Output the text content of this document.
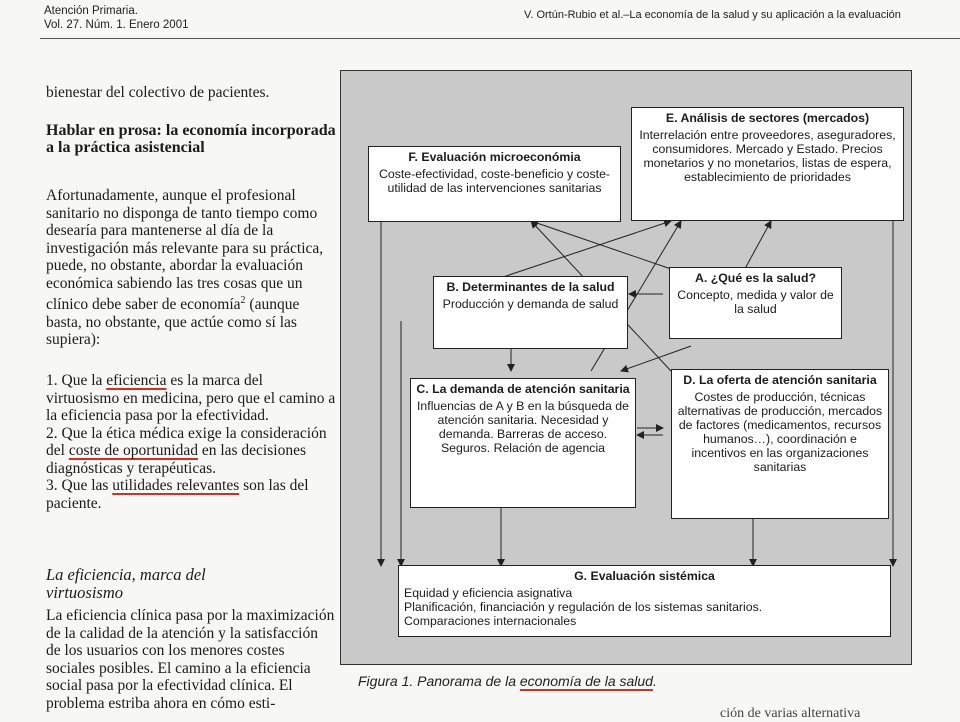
Atención Primaria.
Vol. 27. Núm. 1. Enero 2001
V. Ortún-Rubio et al.–La economía de la salud y su aplicación a la evaluación

bienestar del colectivo de pacientes.

Hablar en prosa: la economía incorporada a la práctica asistencial

Afortunadamente, aunque el profesional sanitario no disponga de tanto tiempo como desearía para mantenerse al día de la investigación más relevante para su práctica, puede, no obstante, abordar la evaluación económica sabiendo las tres cosas que un clínico debe saber de economía$^2$ (aunque basta, no obstante, que actúe como sí las supiera):

1. Que la eficiencia es la marca del virtuosismo en medicina, pero que el camino a la eficiencia pasa por la efectividad.

2. Que la ética médica exige la consideración del coste de oportunidad en las decisiones diagnósticas y terapéuticas.

3. Que las utilidades relevantes son las del paciente.

La eficiencia, marca del virtuosismo
La eficiencia clínica pasa por la maximización de la calidad de la atención y la satisfacción de los usuarios con los menores costes sociales posibles. El camino a la eficiencia social pasa por la efectividad clínica. El problema estriba ahora en cómo esti-
F. Evaluación microeconómia
Coste-efectividad, coste-beneficio y coste-utilidad de las intervenciones sanitarias
E. Análisis de sectores (mercados)
Interrelación entre proveedores, aseguradores, consumidores. Mercado y Estado. Precios monetarios y no monetarios, listas de espera, establecimiento de prioridades
B. Determinantes de la salud
Producción y demanda de salud
A. ¿Qué es la salud?
Concepto, medida y valor de la salud
C. La demanda de atención sanitaria
Influencias de A y B en la búsqueda de atención sanitaria. Necesidad y demanda. Barreras de acceso. Seguros. Relación de agencia
D. La oferta de atención sanitaria
Costes de producción, técnicas alternativas de producción, mercados de factores (medicamentos, recursos humanos…), coordinación e incentivos en las organizaciones sanitarias
G. Evaluación sistémica
Equidad y eficiencia asignativa
Planificación, financiación y regulación de los sistemas sanitarios.
Comparaciones internacionales
Figura 1. Panorama de la economía de la salud.
ción de varias alternativa
